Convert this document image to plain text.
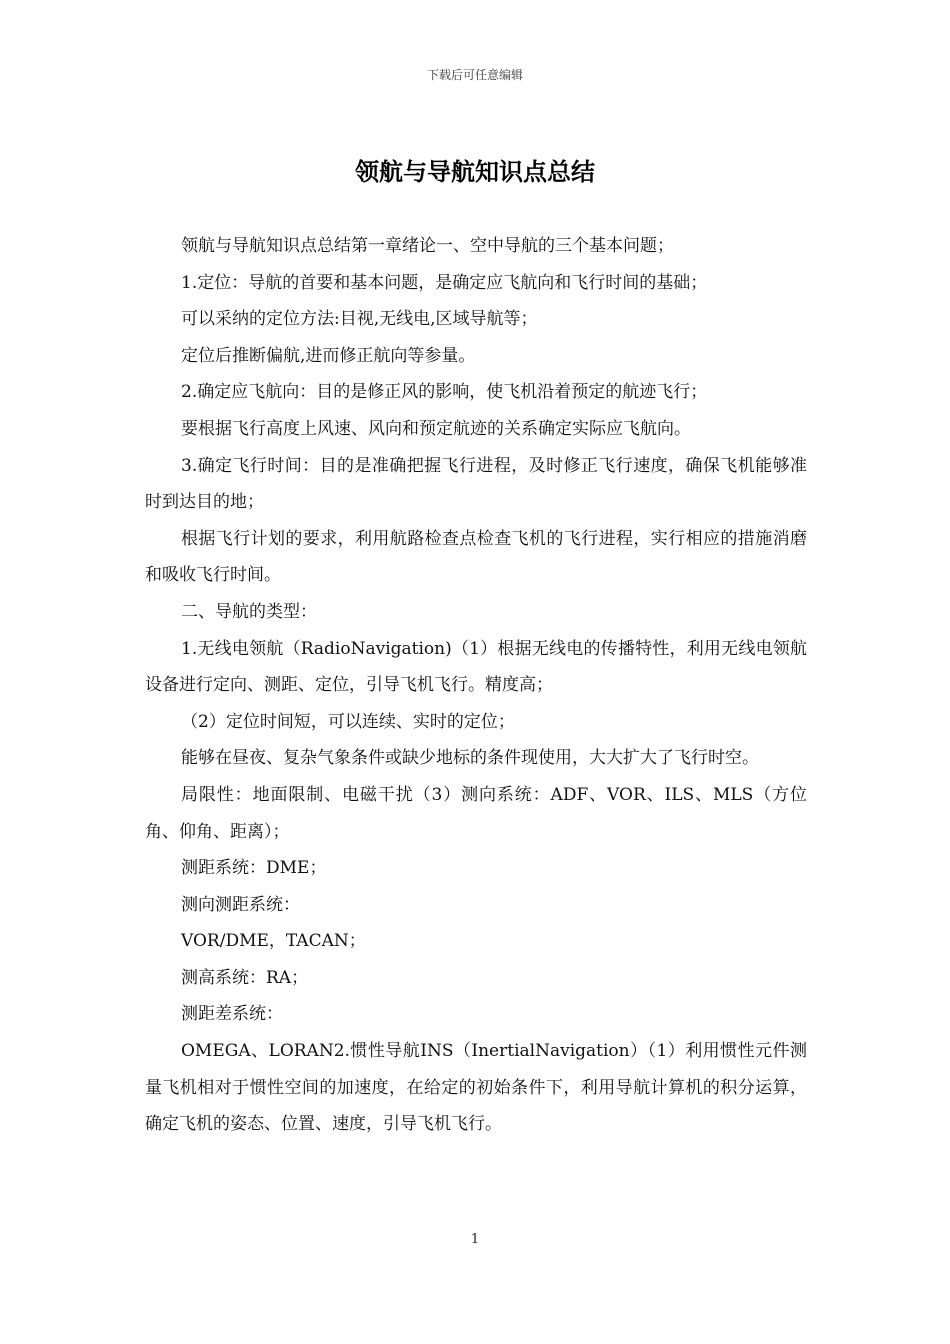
下载后可任意编辑
领航与导航知识点总结

领航与导航知识点总结第一章绪论一、空中导航的三个基本问题；

1.定位：导航的首要和基本问题，是确定应飞航向和飞行时间的基础；

可以采纳的定位方法:目视,无线电,区域导航等；

定位后推断偏航,进而修正航向等参量。

2.确定应飞航向：目的是修正风的影响，使飞机沿着预定的航迹飞行；

要根据飞行高度上风速、风向和预定航迹的关系确定实际应飞航向。

3.确定飞行时间：目的是准确把握飞行进程，及时修正飞行速度，确保飞机能够准时到达目的地；

根据飞行计划的要求，利用航路检查点检查飞机的飞行进程，实行相应的措施消磨和吸收飞行时间。

二、导航的类型：

1.无线电领航（RadioNavigation)（1）根据无线电的传播特性，利用无线电领航设备进行定向、测距、定位，引导飞机飞行。精度高；

（2）定位时间短，可以连续、实时的定位；

能够在昼夜、复杂气象条件或缺少地标的条件现使用，大大扩大了飞行时空。

局限性：地面限制、电磁干扰（3）测向系统：ADF、VOR、ILS、MLS（方位角、仰角、距离）；

测距系统：DME；

测向测距系统：

VOR/DME，TACAN；

测高系统：RA；

测距差系统：

OMEGA、LORAN2.惯性导航INS（InertialNavigation）（1）利用惯性元件测量飞机相对于惯性空间的加速度，在给定的初始条件下，利用导航计算机的积分运算，确定飞机的姿态、位置、速度，引导飞机飞行。

1
